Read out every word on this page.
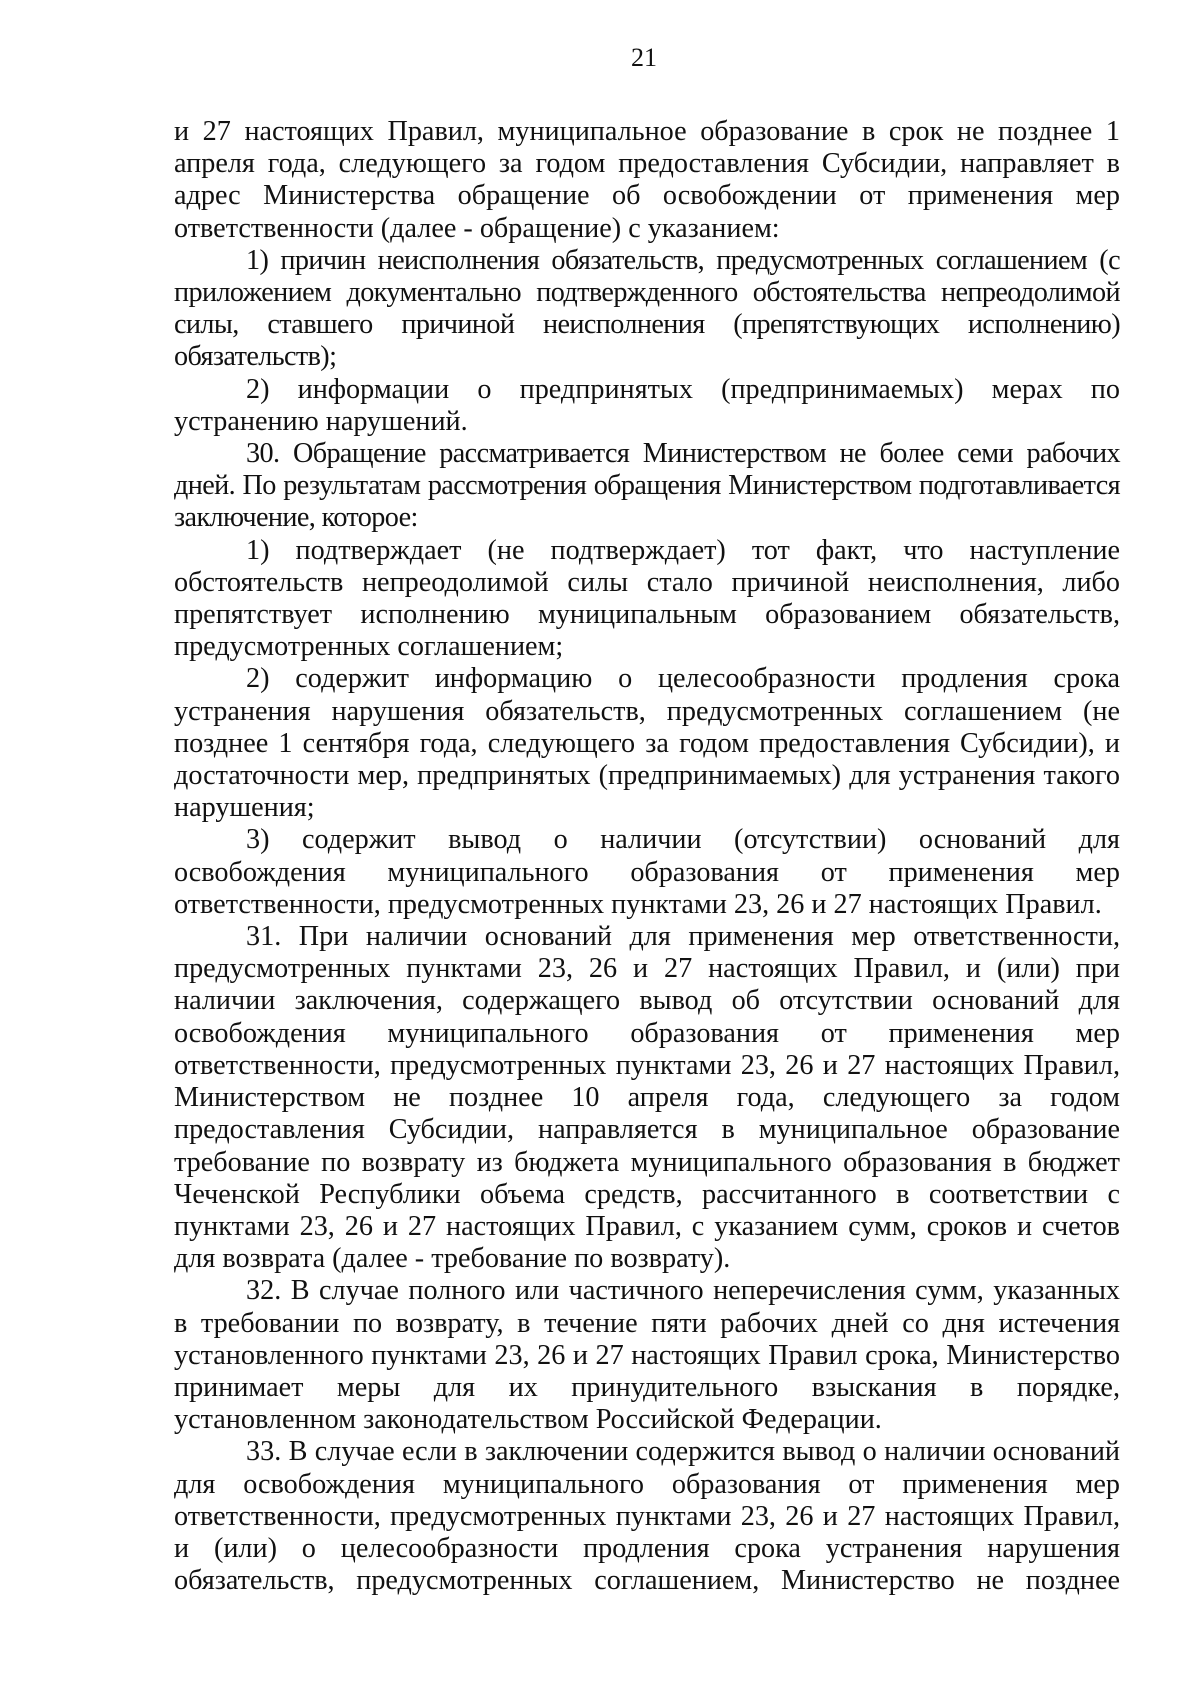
21

и 27 настоящих Правил, муниципальное образование в срок не позднее 1 апреля года, следующего за годом предоставления Субсидии, направляет в адрес Министерства обращение об освобождении от применения мер ответственности (далее - обращение) с указанием:

1) причин неисполнения обязательств, предусмотренных соглашением (с приложением документально подтвержденного обстоятельства непреодолимой силы, ставшего причиной неисполнения (препятствующих исполнению) обязательств);

2) информации о предпринятых (предпринимаемых) мерах по устранению нарушений.

30. Обращение рассматривается Министерством не более семи рабочих дней. По результатам рассмотрения обращения Министерством подготавливается заключение, которое:

1) подтверждает (не подтверждает) тот факт, что наступление обстоятельств непреодолимой силы стало причиной неисполнения, либо препятствует исполнению муниципальным образованием обязательств, предусмотренных соглашением;

2) содержит информацию о целесообразности продления срока устранения нарушения обязательств, предусмотренных соглашением (не позднее 1 сентября года, следующего за годом предоставления Субсидии), и достаточности мер, предпринятых (предпринимаемых) для устранения такого нарушения;

3) содержит вывод о наличии (отсутствии) оснований для освобождения муниципального образования от применения мер ответственности, предусмотренных пунктами 23, 26 и 27 настоящих Правил.

31. При наличии оснований для применения мер ответственности, предусмотренных пунктами 23, 26 и 27 настоящих Правил, и (или) при наличии заключения, содержащего вывод об отсутствии оснований для освобождения муниципального образования от применения мер ответственности, предусмотренных пунктами 23, 26 и 27 настоящих Правил, Министерством не позднее 10 апреля года, следующего за годом предоставления Субсидии, направляется в муниципальное образование требование по возврату из бюджета муниципального образования в бюджет Чеченской Республики объема средств, рассчитанного в соответствии с пунктами 23, 26 и 27 настоящих Правил, с указанием сумм, сроков и счетов для возврата (далее - требование по возврату).

32. В случае полного или частичного неперечисления сумм, указанных в требовании по возврату, в течение пяти рабочих дней со дня истечения установленного пунктами 23, 26 и 27 настоящих Правил срока, Министерство принимает меры для их принудительного взыскания в порядке, установленном законодательством Российской Федерации.

33. В случае если в заключении содержится вывод о наличии оснований для освобождения муниципального образования от применения мер ответственности, предусмотренных пунктами 23, 26 и 27 настоящих Правил, и (или) о целесообразности продления срока устранения нарушения обязательств, предусмотренных соглашением, Министерство не позднее
